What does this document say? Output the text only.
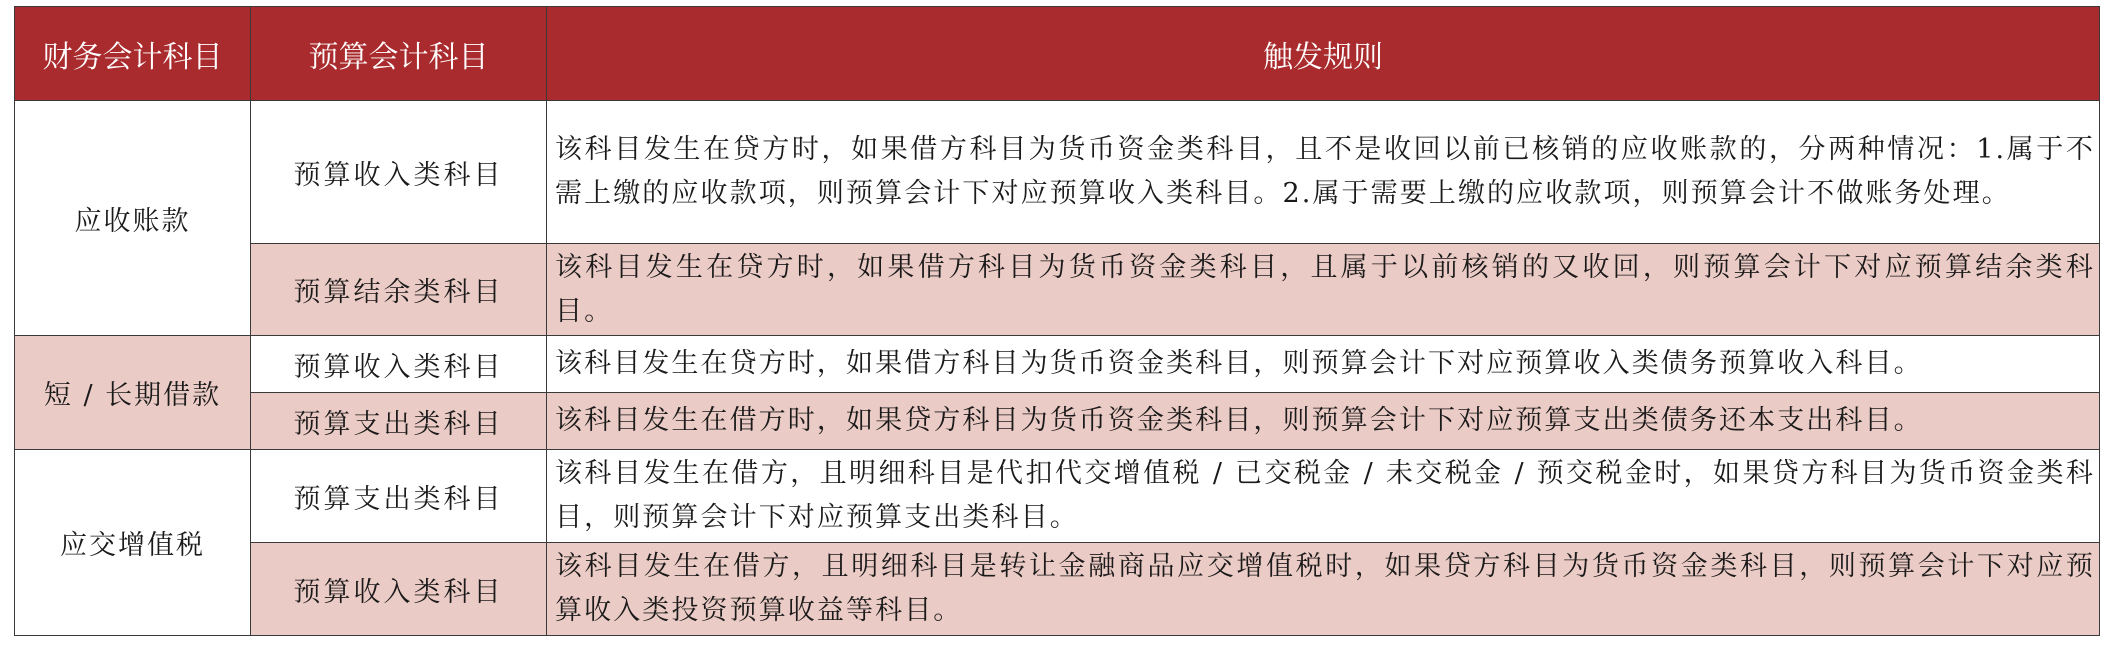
财务会计科目	预算会计科目	触发规则
应收账款	预算收入类科目	该科目发生在贷方时，如果借方科目为货币资金类科目，且不是收回以前已核销的应收账款的，分两种情况：1.属于不需上缴的应收款项，则预算会计下对应预算收入类科目。2.属于需要上缴的应收款项，则预算会计不做账务处理。
	预算结余类科目	该科目发生在贷方时，如果借方科目为货币资金类科目，且属于以前核销的又收回，则预算会计下对应预算结余类科目。
短 / 长期借款	预算收入类科目	该科目发生在贷方时，如果借方科目为货币资金类科目，则预算会计下对应预算收入类债务预算收入科目。
	预算支出类科目	该科目发生在借方时，如果贷方科目为货币资金类科目，则预算会计下对应预算支出类债务还本支出科目。
应交增值税	预算支出类科目	该科目发生在借方，且明细科目是代扣代交增值税 / 已交税金 / 未交税金 / 预交税金时，如果贷方科目为货币资金类科目，则预算会计下对应预算支出类科目。
	预算收入类科目	该科目发生在借方，且明细科目是转让金融商品应交增值税时，如果贷方科目为货币资金类科目，则预算会计下对应预算收入类投资预算收益等科目。
